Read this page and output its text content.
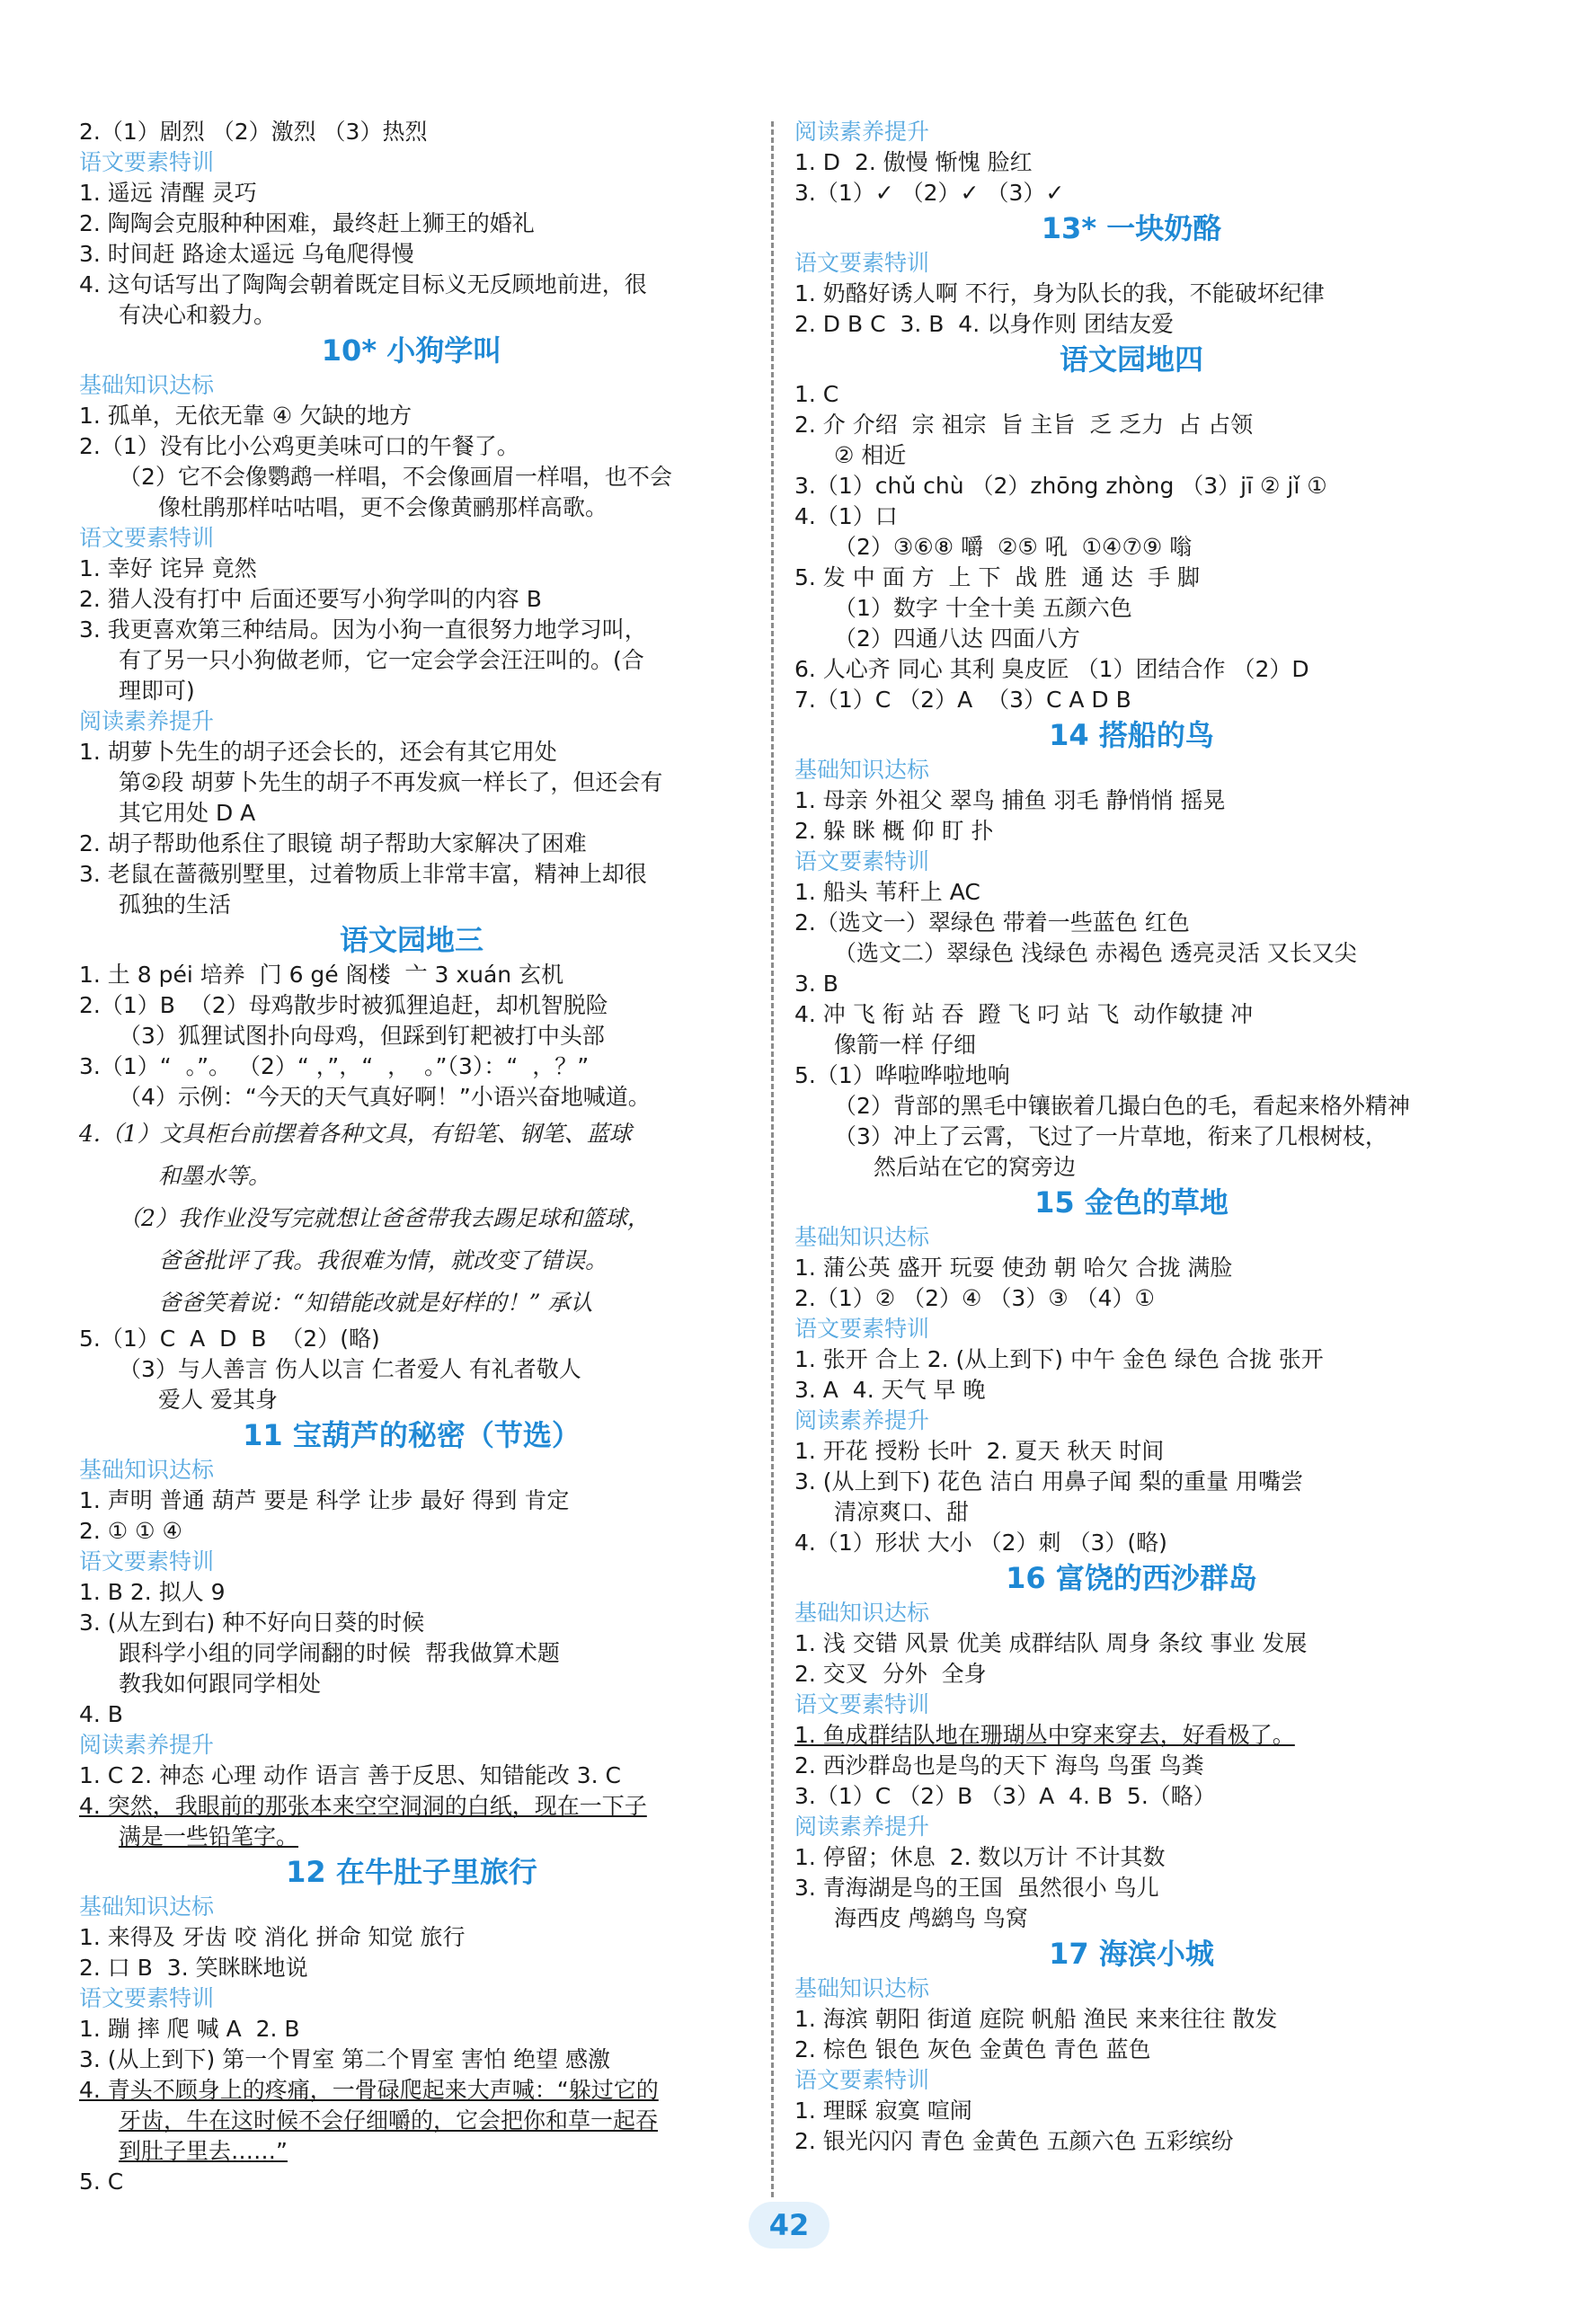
2.（1）剧烈 （2）激烈 （3）热烈
语文要素特训
1. 遥远 清醒 灵巧
2. 陶陶会克服种种困难，最终赶上狮王的婚礼
3. 时间赶 路途太遥远 乌龟爬得慢
4. 这句话写出了陶陶会朝着既定目标义无反顾地前进，很
有决心和毅力。
10* 小狗学叫
基础知识达标
1. 孤单，无依无靠 ④ 欠缺的地方
2.（1）没有比小公鸡更美味可口的午餐了。
（2）它不会像鹦鹉一样唱，不会像画眉一样唱，也不会
像杜鹃那样咕咕唱，更不会像黄鹂那样高歌。
语文要素特训
1. 幸好 诧异 竟然
2. 猎人没有打中 后面还要写小狗学叫的内容 B
3. 我更喜欢第三种结局。因为小狗一直很努力地学习叫，
有了另一只小狗做老师，它一定会学会汪汪叫的。(合
理即可)
阅读素养提升
1. 胡萝卜先生的胡子还会长的，还会有其它用处
第②段 胡萝卜先生的胡子不再发疯一样长了，但还会有
其它用处 D A
2. 胡子帮助他系住了眼镜 胡子帮助大家解决了困难
3. 老鼠在蔷薇别墅里，过着物质上非常丰富，精神上却很
孤独的生活
语文园地三
1. 土 8 péi 培养  门 6 gé 阁楼  亠 3 xuán 玄机
2.（1）B  （2）母鸡散步时被狐狸追赶，却机智脱险
（3）狐狸试图扑向母鸡，但踩到钉耙被打中头部
3.（1）“  。”。 （2）“ ，”，“  ，  。”（3）：“  ，？”
（4）示例：“今天的天气真好啊！”小语兴奋地喊道。
4.（1）文具柜台前摆着各种文具，有铅笔、钢笔、蓝球
和墨水等。
（2）我作业没写完就想让爸爸带我去踢足球和篮球，
爸爸批评了我。我很难为情，就改变了错误。
爸爸笑着说：“知错能改就是好样的！” 承认
5.（1）C  A  D  B  （2）(略)
（3）与人善言 伤人以言 仁者爱人 有礼者敬人
爱人 爱其身
11 宝葫芦的秘密（节选）
基础知识达标
1. 声明 普通 葫芦 要是 科学 让步 最好 得到 肯定
2. ① ① ④
语文要素特训
1. B 2. 拟人 9
3. (从左到右) 种不好向日葵的时候
跟科学小组的同学闹翻的时候  帮我做算术题
教我如何跟同学相处
4. B
阅读素养提升
1. C 2. 神态 心理 动作 语言 善于反思、知错能改 3. C
4. 突然，我眼前的那张本来空空洞洞的白纸，现在一下子
满是一些铅笔字。
12 在牛肚子里旅行
基础知识达标
1. 来得及 牙齿 咬 消化 拼命 知觉 旅行
2. 口 B  3. 笑眯眯地说
语文要素特训
1. 蹦 摔 爬 喊 A  2. B
3. (从上到下) 第一个胃室 第二个胃室 害怕 绝望 感激
4. 青头不顾身上的疼痛，一骨碌爬起来大声喊：“躲过它的
牙齿，牛在这时候不会仔细嚼的，它会把你和草一起吞
到肚子里去……”
5. C
阅读素养提升
1. D  2. 傲慢 惭愧 脸红
3.（1）✓ （2）✓ （3）✓
13* 一块奶酪
语文要素特训
1. 奶酪好诱人啊 不行，身为队长的我，不能破坏纪律
2. D B C  3. B  4. 以身作则 团结友爱
语文园地四
1. C
2. 介 介绍  宗 祖宗  旨 主旨  乏 乏力  占 占领
② 相近
3.（1）chǔ chù （2）zhōng zhòng （3）jī ② jǐ ①
4.（1）口
（2）③⑥⑧ 嚼  ②⑤ 吼  ①④⑦⑨ 嗡
5. 发 中 面 方  上 下  战 胜  通 达  手 脚
（1）数字 十全十美 五颜六色
（2）四通八达 四面八方
6. 人心齐 同心 其利 臭皮匠 （1）团结合作 （2）D
7.（1）C （2）A  （3）C A D B
14 搭船的鸟
基础知识达标
1. 母亲 外祖父 翠鸟 捕鱼 羽毛 静悄悄 摇晃
2. 躲 眯 概 仰 盯 扑
语文要素特训
1. 船头 苇秆上 AC
2.（选文一）翠绿色 带着一些蓝色 红色
（选文二）翠绿色 浅绿色 赤褐色 透亮灵活 又长又尖
3. B
4. 冲 飞 衔 站 吞  蹬 飞 叼 站 飞  动作敏捷 冲
像箭一样 仔细
5.（1）哗啦哗啦地响
（2）背部的黑毛中镶嵌着几撮白色的毛，看起来格外精神
（3）冲上了云霄，飞过了一片草地，衔来了几根树枝，
然后站在它的窝旁边
15 金色的草地
基础知识达标
1. 蒲公英 盛开 玩耍 使劲 朝 哈欠 合拢 满脸
2.（1）② （2）④ （3）③ （4）①
语文要素特训
1. 张开 合上 2. (从上到下) 中午 金色 绿色 合拢 张开
3. A  4. 天气 早 晚
阅读素养提升
1. 开花 授粉 长叶  2. 夏天 秋天 时间
3. (从上到下) 花色 洁白 用鼻子闻 梨的重量 用嘴尝
清凉爽口、甜
4.（1）形状 大小 （2）刺 （3）(略)
16 富饶的西沙群岛
基础知识达标
1. 浅 交错 风景 优美 成群结队 周身 条纹 事业 发展
2. 交叉  分外  全身
语文要素特训
1. 鱼成群结队地在珊瑚丛中穿来穿去，好看极了。
2. 西沙群岛也是鸟的天下 海鸟 鸟蛋 鸟粪
3.（1）C （2）B （3）A  4. B  5.（略）
阅读素养提升
1. 停留；休息  2. 数以万计 不计其数
3. 青海湖是鸟的王国  虽然很小 鸟儿
海西皮 鸬鹚鸟 鸟窝
17 海滨小城
基础知识达标
1. 海滨 朝阳 街道 庭院 帆船 渔民 来来往往 散发
2. 棕色 银色 灰色 金黄色 青色 蓝色
语文要素特训
1. 理睬 寂寞 喧闹
2. 银光闪闪 青色 金黄色 五颜六色 五彩缤纷
42
